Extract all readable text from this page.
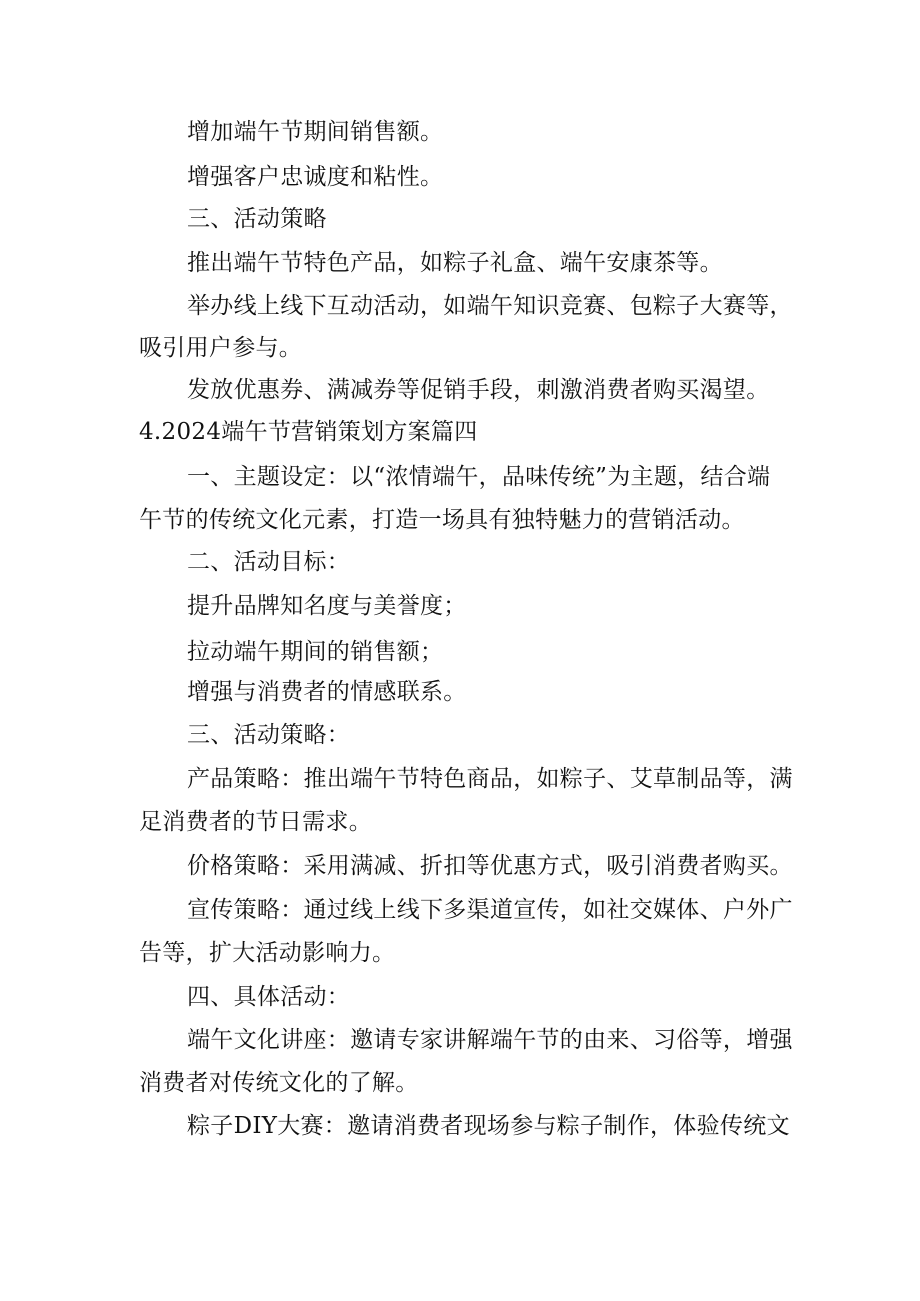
增加端午节期间销售额。
增强客户忠诚度和粘性。
三、活动策略
推出端午节特色产品，如粽子礼盒、端午安康茶等。
举办线上线下互动活动，如端午知识竞赛、包粽子大赛等，
吸引用户参与。
发放优惠券、满减券等促销手段，刺激消费者购买渴望。
4.2024端午节营销策划方案篇四
一、主题设定：以“浓情端午，品味传统”为主题，结合端
午节的传统文化元素，打造一场具有独特魅力的营销活动。
二、活动目标：
提升品牌知名度与美誉度；
拉动端午期间的销售额；
增强与消费者的情感联系。
三、活动策略：
产品策略：推出端午节特色商品，如粽子、艾草制品等，满
足消费者的节日需求。
价格策略：采用满减、折扣等优惠方式，吸引消费者购买。
宣传策略：通过线上线下多渠道宣传，如社交媒体、户外广
告等，扩大活动影响力。
四、具体活动：
端午文化讲座：邀请专家讲解端午节的由来、习俗等，增强
消费者对传统文化的了解。
粽子DIY大赛：邀请消费者现场参与粽子制作，体验传统文
